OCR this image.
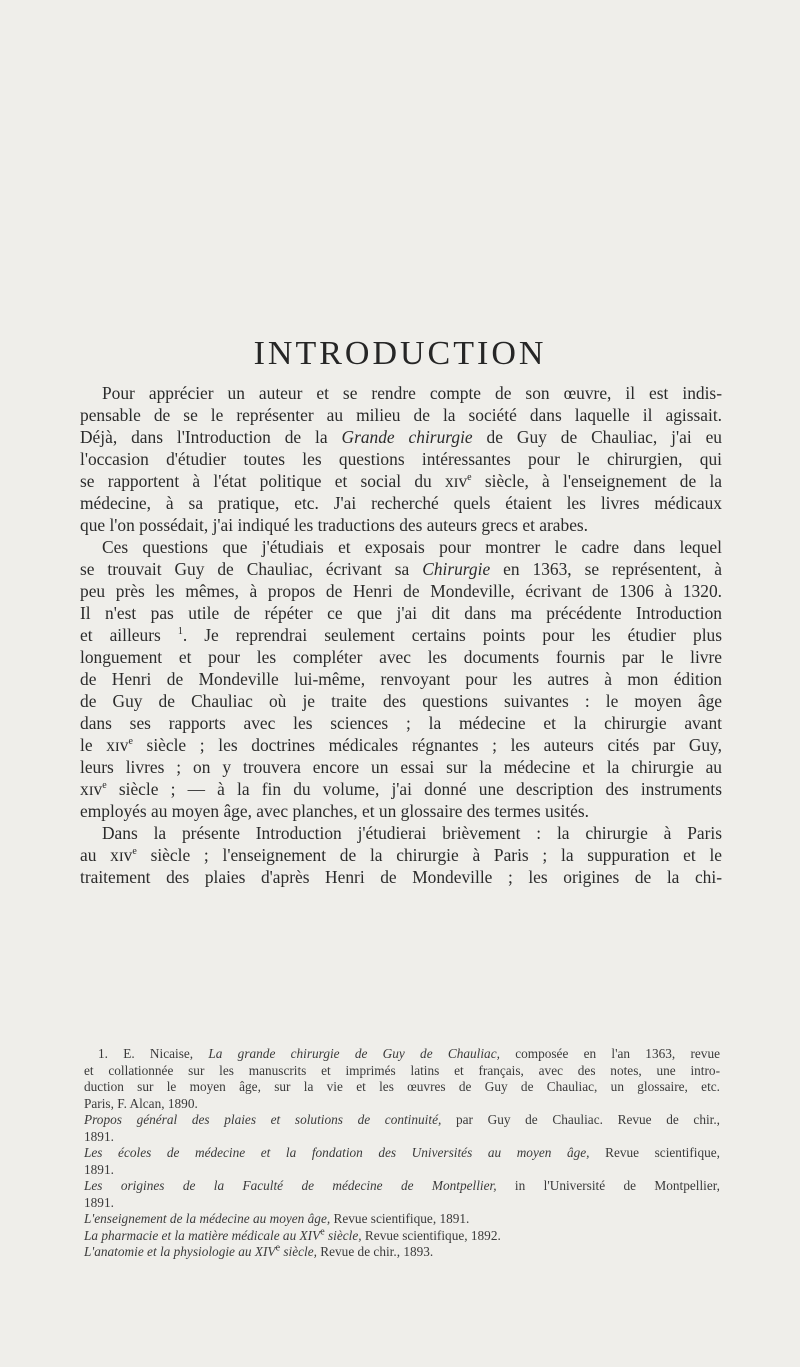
INTRODUCTION

Pour apprécier un auteur et se rendre compte de son œuvre, il est indis-
pensable de se le représenter au milieu de la société dans laquelle il agissait.
Déjà, dans l'Introduction de la Grande chirurgie de Guy de Chauliac, j'ai eu
l'occasion d'étudier toutes les questions intéressantes pour le chirurgien, qui
se rapportent à l'état politique et social du xɪᴠ$^e$ siècle, à l'enseignement de la
médecine, à sa pratique, etc. J'ai recherché quels étaient les livres médicaux
que l'on possédait, j'ai indiqué les traductions des auteurs grecs et arabes.

Ces questions que j'étudiais et exposais pour montrer le cadre dans lequel
se trouvait Guy de Chauliac, écrivant sa Chirurgie en 1363, se représentent, à
peu près les mêmes, à propos de Henri de Mondeville, écrivant de 1306 à 1320.
Il n'est pas utile de répéter ce que j'ai dit dans ma précédente Introduction
et ailleurs $^1$. Je reprendrai seulement certains points pour les étudier plus
longuement et pour les compléter avec les documents fournis par le livre
de Henri de Mondeville lui-même, renvoyant pour les autres à mon édition
de Guy de Chauliac où je traite des questions suivantes : le moyen âge
dans ses rapports avec les sciences ; la médecine et la chirurgie avant
le xɪᴠ$^e$ siècle ; les doctrines médicales régnantes ; les auteurs cités par Guy,
leurs livres ; on y trouvera encore un essai sur la médecine et la chirurgie au
xɪᴠ$^e$ siècle ; — à la fin du volume, j'ai donné une description des instruments
employés au moyen âge, avec planches, et un glossaire des termes usités.

Dans la présente Introduction j'étudierai brièvement : la chirurgie à Paris
au xɪᴠ$^e$ siècle ; l'enseignement de la chirurgie à Paris ; la suppuration et le
traitement des plaies d'après Henri de Mondeville ; les origines de la chi-

1. E. Nicaise, La grande chirurgie de Guy de Chauliac, composée en l'an 1363, revue
et collationnée sur les manuscrits et imprimés latins et français, avec des notes, une intro-
duction sur le moyen âge, sur la vie et les œuvres de Guy de Chauliac, un glossaire, etc.
Paris, F. Alcan, 1890.
Propos général des plaies et solutions de continuité, par Guy de Chauliac. Revue de chir.,
1891.
Les écoles de médecine et la fondation des Universités au moyen âge, Revue scientifique,
1891.
Les origines de la Faculté de médecine de Montpellier, in l'Université de Montpellier,
1891.
L'enseignement de la médecine au moyen âge, Revue scientifique, 1891.
La pharmacie et la matière médicale au XIVe siècle, Revue scientifique, 1892.
L'anatomie et la physiologie au XIVe siècle, Revue de chir., 1893.
